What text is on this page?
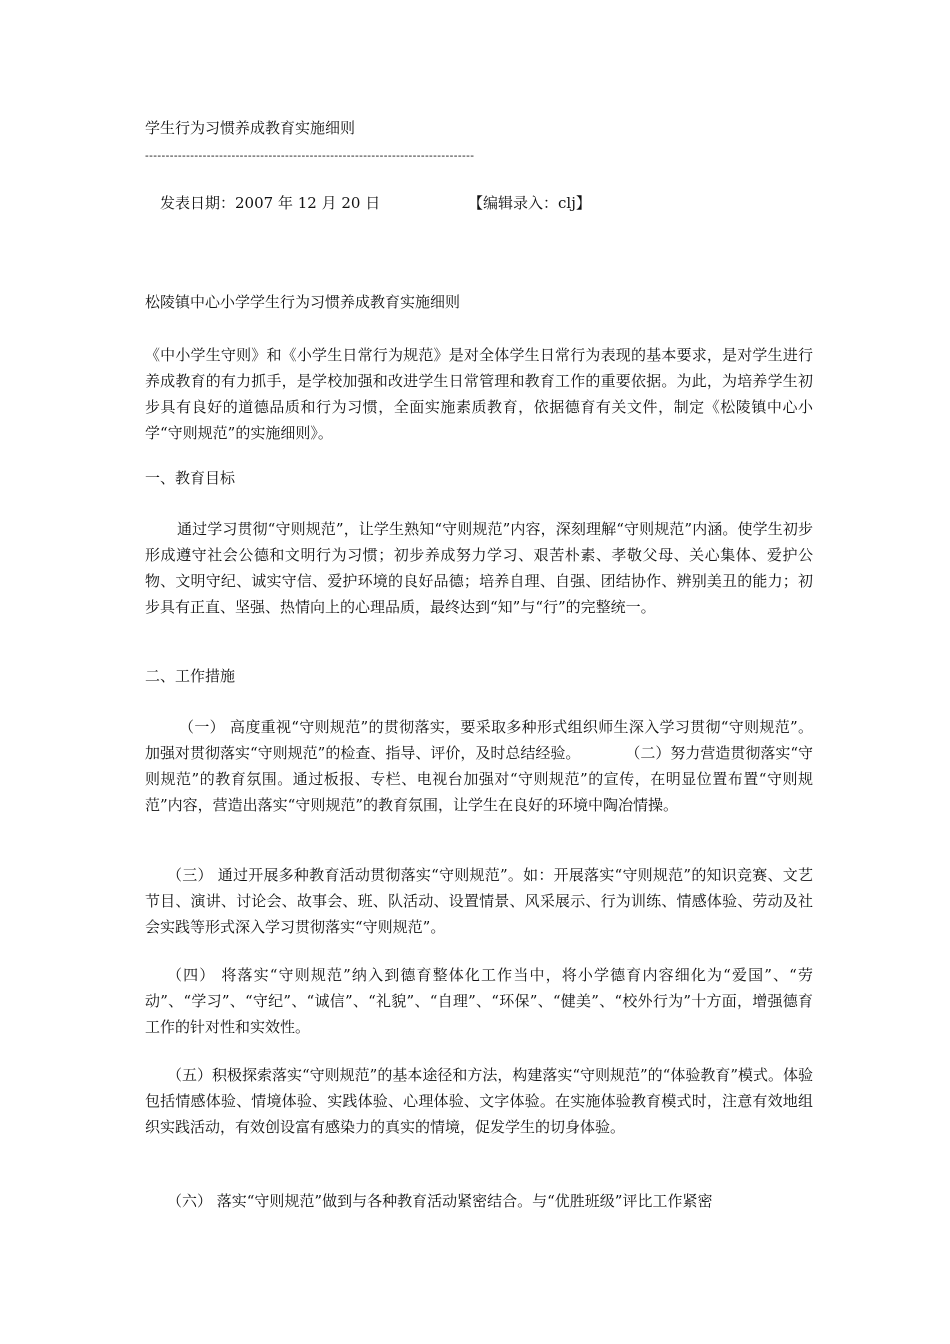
学生行为习惯养成教育实施细则
--------------------------------------------------------------------------------
发表日期：2007 年 12 月 20 日	【编辑录入：clj】
松陵镇中心小学学生行为习惯养成教育实施细则
《中小学生守则》和《小学生日常行为规范》是对全体学生日常行为表现的基本要求，是对学生进行养成教育的有力抓手，是学校加强和改进学生日常管理和教育工作的重要依据。为此，为培养学生初步具有良好的道德品质和行为习惯，全面实施素质教育，依据德育有关文件，制定《松陵镇中心小学“守则规范”的实施细则》。
一、教育目标
通过学习贯彻“守则规范”，让学生熟知“守则规范”内容，深刻理解“守则规范”内涵。使学生初步形成遵守社会公德和文明行为习惯；初步养成努力学习、艰苦朴素、孝敬父母、关心集体、爱护公物、文明守纪、诚实守信、爱护环境的良好品德；培养自理、自强、团结协作、辨别美丑的能力；初步具有正直、坚强、热情向上的心理品质，最终达到“知”与“行”的完整统一。
二、工作措施
（一） 高度重视“守则规范”的贯彻落实，要采取多种形式组织师生深入学习贯彻“守则规范”。加强对贯彻落实“守则规范”的检查、指导、评价，及时总结经验。　　　　（二）努力营造贯彻落实“守则规范”的教育氛围。通过板报、专栏、电视台加强对“守则规范”的宣传，在明显位置布置“守则规范”内容，营造出落实“守则规范”的教育氛围，让学生在良好的环境中陶冶情操。
（三） 通过开展多种教育活动贯彻落实“守则规范”。如：开展落实“守则规范”的知识竞赛、文艺节目、演讲、讨论会、故事会、班、队活动、设置情景、风采展示、行为训练、情感体验、劳动及社会实践等形式深入学习贯彻落实“守则规范”。
（四） 将落实“守则规范”纳入到德育整体化工作当中，将小学德育内容细化为“爱国”、“劳动”、“学习”、“守纪”、“诚信”、“礼貌”、“自理”、“环保”、“健美”、“校外行为”十方面，增强德育工作的针对性和实效性。
（五）积极探索落实“守则规范”的基本途径和方法，构建落实“守则规范”的“体验教育”模式。体验包括情感体验、情境体验、实践体验、心理体验、文字体验。在实施体验教育模式时，注意有效地组织实践活动，有效创设富有感染力的真实的情境，促发学生的切身体验。
（六） 落实“守则规范”做到与各种教育活动紧密结合。与“优胜班级”评比工作紧密
